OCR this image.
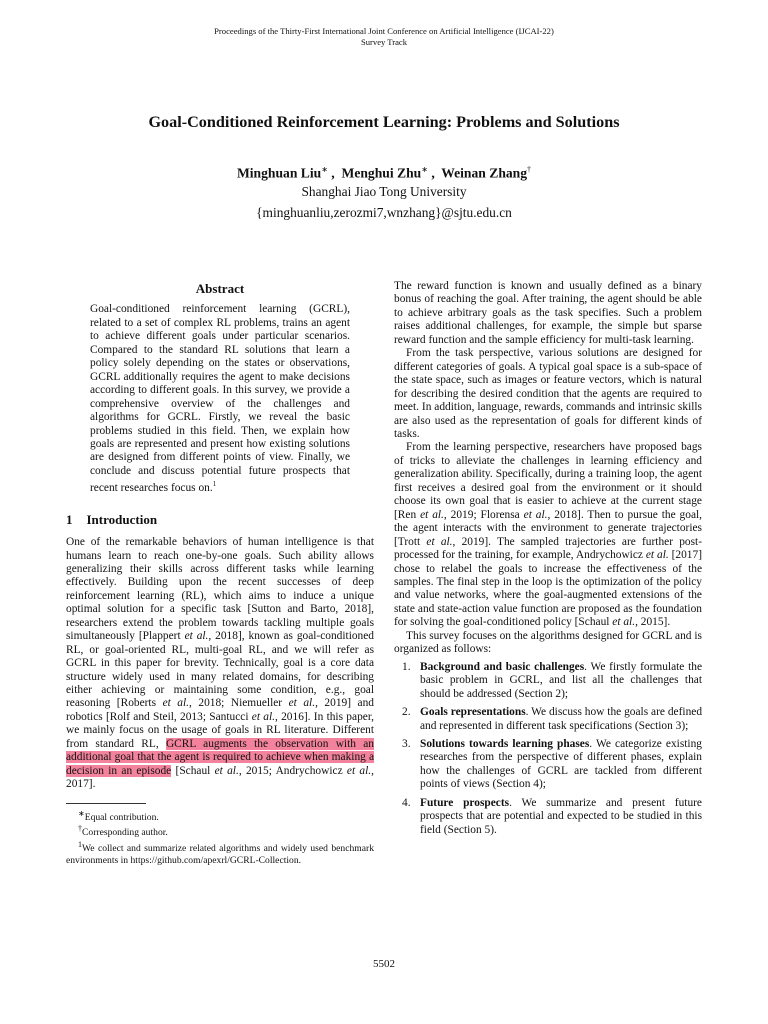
Proceedings of the Thirty-First International Joint Conference on Artificial Intelligence (IJCAI-22)
Survey Track
Goal-Conditioned Reinforcement Learning: Problems and Solutions
Minghuan Liu∗ ,  Menghui Zhu∗ ,  Weinan Zhang†
Shanghai Jiao Tong University
{minghuanliu,zerozmi7,wnzhang}@sjtu.edu.cn
Abstract
Goal-conditioned reinforcement learning (GCRL), related to a set of complex RL problems, trains an agent to achieve different goals under particular scenarios. Compared to the standard RL solutions that learn a policy solely depending on the states or observations, GCRL additionally requires the agent to make decisions according to different goals. In this survey, we provide a comprehensive overview of the challenges and algorithms for GCRL. Firstly, we reveal the basic problems studied in this field. Then, we explain how goals are represented and present how existing solutions are designed from different points of view. Finally, we conclude and discuss potential future prospects that recent researches focus on.$^1$
1 Introduction

One of the remarkable behaviors of human intelligence is that humans learn to reach one-by-one goals. Such ability allows generalizing their skills across different tasks while learning effectively. Building upon the recent successes of deep reinforcement learning (RL), which aims to induce a unique optimal solution for a specific task [Sutton and Barto, 2018], researchers extend the problem towards tackling multiple goals simultaneously [Plappert et al., 2018], known as goal-conditioned RL, or goal-oriented RL, multi-goal RL, and we will refer as GCRL in this paper for brevity. Technically, goal is a core data structure widely used in many related domains, for describing either achieving or maintaining some condition, e.g., goal reasoning [Roberts et al., 2018; Niemueller et al., 2019] and robotics [Rolf and Steil, 2013; Santucci et al., 2016]. In this paper, we mainly focus on the usage of goals in RL literature. Different from standard RL, GCRL augments the observation with an additional goal that the agent is required to achieve when making a decision in an episode [Schaul et al., 2015; Andrychowicz et al., 2017].

∗Equal contribution.
†Corresponding author.
$^1$We collect and summarize related algorithms and widely used benchmark environments in https://github.com/apexrl/GCRL-Collection.

The reward function is known and usually defined as a binary bonus of reaching the goal. After training, the agent should be able to achieve arbitrary goals as the task specifies. Such a problem raises additional challenges, for example, the simple but sparse reward function and the sample efficiency for multi-task learning.

From the task perspective, various solutions are designed for different categories of goals. A typical goal space is a sub-space of the state space, such as images or feature vectors, which is natural for describing the desired condition that the agents are required to meet. In addition, language, rewards, commands and intrinsic skills are also used as the representation of goals for different kinds of tasks.

From the learning perspective, researchers have proposed bags of tricks to alleviate the challenges in learning efficiency and generalization ability. Specifically, during a training loop, the agent first receives a desired goal from the environment or it should choose its own goal that is easier to achieve at the current stage [Ren et al., 2019; Florensa et al., 2018]. Then to pursue the goal, the agent interacts with the environment to generate trajectories [Trott et al., 2019]. The sampled trajectories are further post-processed for the training, for example, Andrychowicz et al. [2017] chose to relabel the goals to increase the effectiveness of the samples. The final step in the loop is the optimization of the policy and value networks, where the goal-augmented extensions of the state and state-action value function are proposed as the foundation for solving the goal-conditioned policy [Schaul et al., 2015].

This survey focuses on the algorithms designed for GCRL and is organized as follows:

1. Background and basic challenges. We firstly formulate the basic problem in GCRL, and list all the challenges that should be addressed (Section 2);
2. Goals representations. We discuss how the goals are defined and represented in different task specifications (Section 3);
3. Solutions towards learning phases. We categorize existing researches from the perspective of different phases, explain how the challenges of GCRL are tackled from different points of views (Section 4);
4. Future prospects. We summarize and present future prospects that are potential and expected to be studied in this field (Section 5).
5502
